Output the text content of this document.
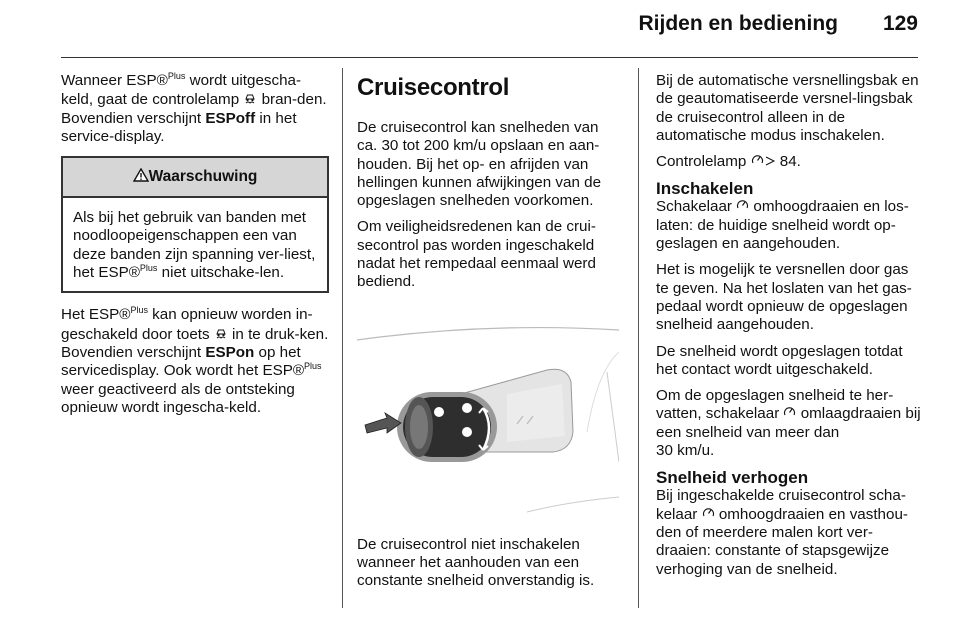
Rijden en bediening 129

Wanneer ESP®$^{Plus}$ wordt uitgescha-keld, gaat de controlelamp  bran-den. Bovendien verschijnt ESPoff in het service-display.

Waarschuwing
Als bij het gebruik van banden met noodloopeigenschappen een van deze banden zijn spanning ver-liest, het ESP®$^{Plus}$ niet uitschake-len.

Het ESP®$^{Plus}$ kan opnieuw worden in-geschakeld door toets  in te druk-ken. Bovendien verschijnt ESPon op het servicedisplay. Ook wordt het ESP®$^{Plus}$ weer geactiveerd als de ontsteking opnieuw wordt ingescha-keld.

Cruisecontrol

De cruisecontrol kan snelheden van ca. 30 tot 200 km/u opslaan en aan-houden. Bij het op- en afrijden van hellingen kunnen afwijkingen van de opgeslagen snelheden voorkomen.

Om veiligheidsredenen kan de crui-secontrol pas worden ingeschakeld nadat het rempedaal eenmaal werd bediend.

De cruisecontrol niet inschakelen wanneer het aanhouden van een constante snelheid onverstandig is.

Bij de automatische versnellingsbak en de geautomatiseerde versnel-lingsbak de cruisecontrol alleen in de automatische modus inschakelen.

Controlelamp  84.

Inschakelen

Schakelaar  omhoogdraaien en los-laten: de huidige snelheid wordt op-geslagen en aangehouden.

Het is mogelijk te versnellen door gas te geven. Na het loslaten van het gas-pedaal wordt opnieuw de opgeslagen snelheid aangehouden.

De snelheid wordt opgeslagen totdat het contact wordt uitgeschakeld.

Om de opgeslagen snelheid te her-vatten, schakelaar  omlaagdraaien bij een snelheid van meer dan
30 km/u.

Snelheid verhogen

Bij ingeschakelde cruisecontrol scha-kelaar  omhoogdraaien en vasthou-den of meerdere malen kort ver-draaien: constante of stapsgewijze verhoging van de snelheid.
